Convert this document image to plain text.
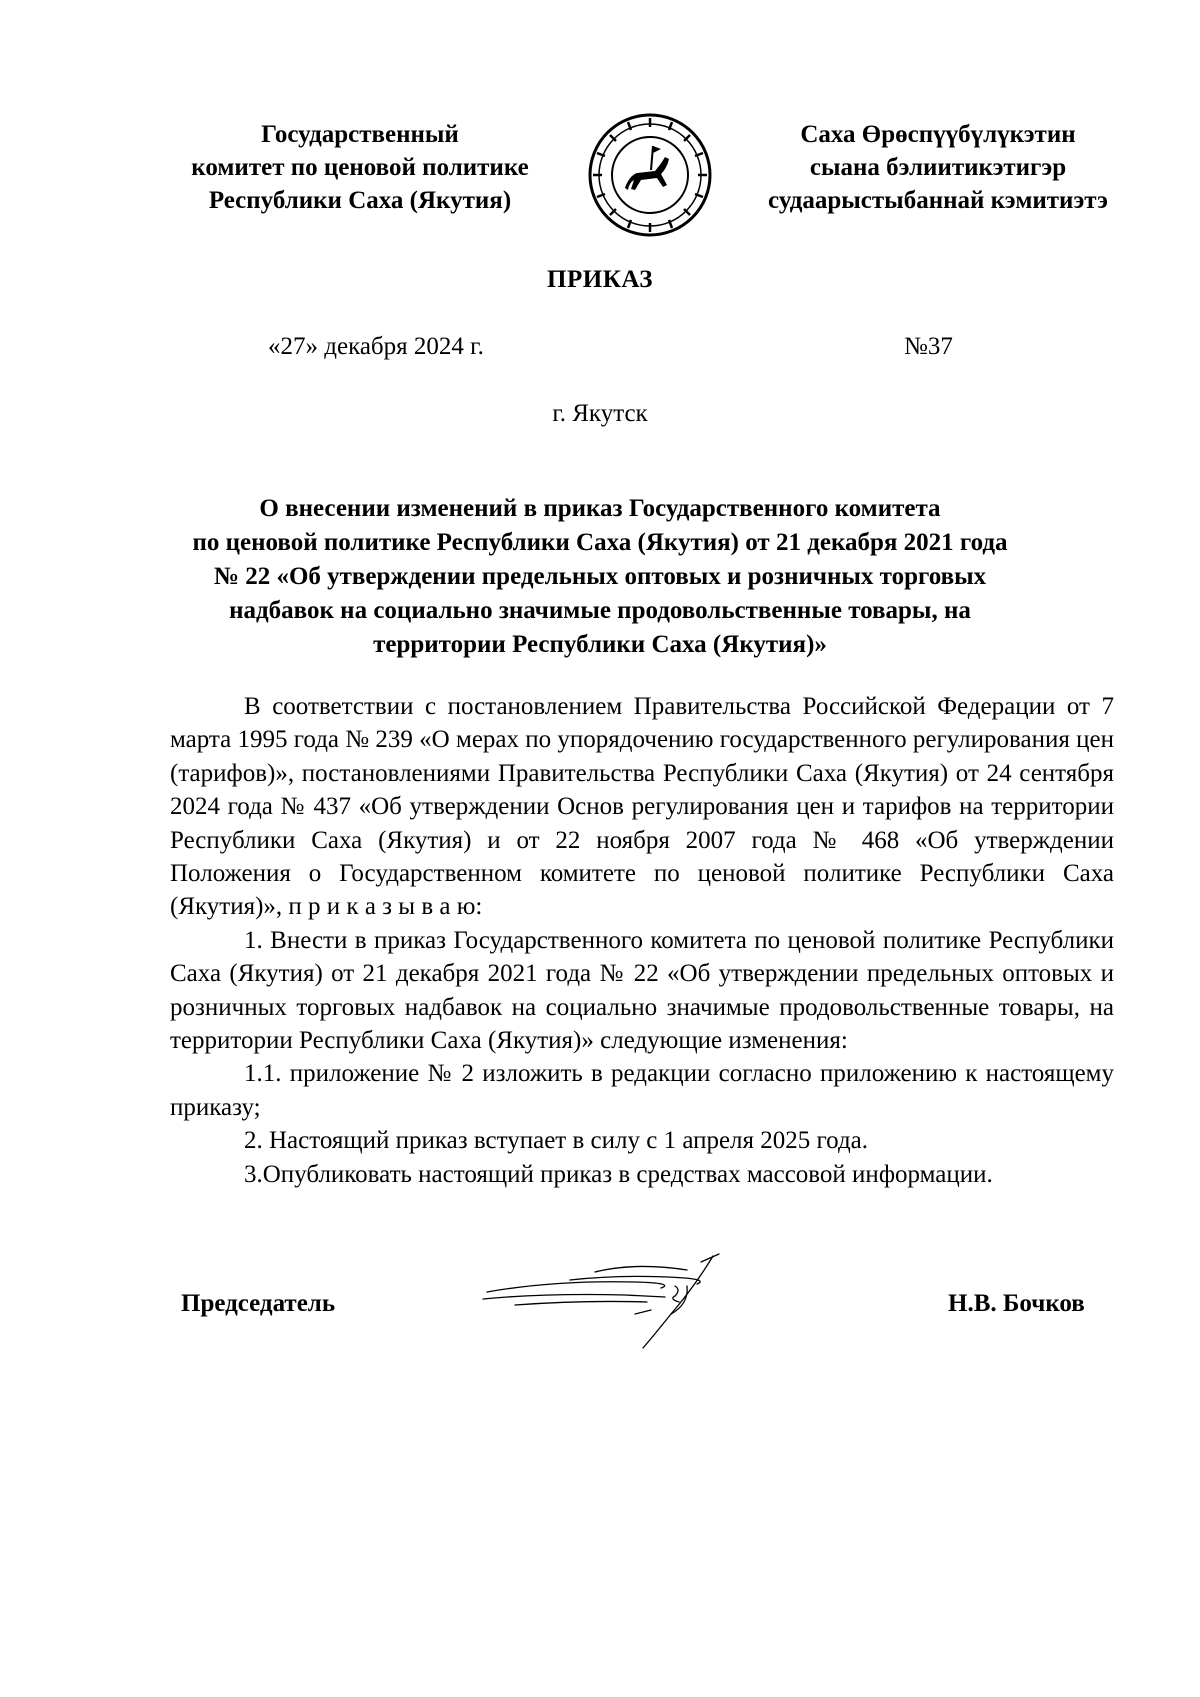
Государственный
комитет по ценовой политике
Республики Саха (Якутия)
Саха Өрөспүүбүлүкэтин
сыана бэлиитикэтигэр
судаарыстыбаннай кэмитиэтэ
ПРИКАЗ
«27» декабря 2024 г.	№37
г. Якутск
О внесении изменений в приказ Государственного комитета
по ценовой политике Республики Саха (Якутия) от 21 декабря 2021 года
№ 22 «Об утверждении предельных оптовых и розничных торговых
надбавок на социально значимые продовольственные товары, на
территории Республики Саха (Якутия)»

В соответствии с постановлением Правительства Российской Федерации от 7 марта 1995 года № 239 «О мерах по упорядочению государственного регулирования цен (тарифов)», постановлениями Правительства Республики Саха (Якутия) от 24 сентября 2024 года № 437 «Об утверждении Основ регулирования цен и тарифов на территории Республики Саха (Якутия) и от 22 ноября 2007 года № 468 «Об утверждении Положения о Государственном комитете по ценовой политике Республики Саха (Якутия)», п р и к а з ы в а ю:

1. Внести в приказ Государственного комитета по ценовой политике Республики Саха (Якутия) от 21 декабря 2021 года № 22 «Об утверждении предельных оптовых и розничных торговых надбавок на социально значимые продовольственные товары, на территории Республики Саха (Якутия)» следующие изменения:

1.1. приложение № 2 изложить в редакции согласно приложению к настоящему приказу;

2. Настоящий приказ вступает в силу с 1 апреля 2025 года.

3.Опубликовать настоящий приказ в средствах массовой информации.

Председатель	Н.В. Бочков
